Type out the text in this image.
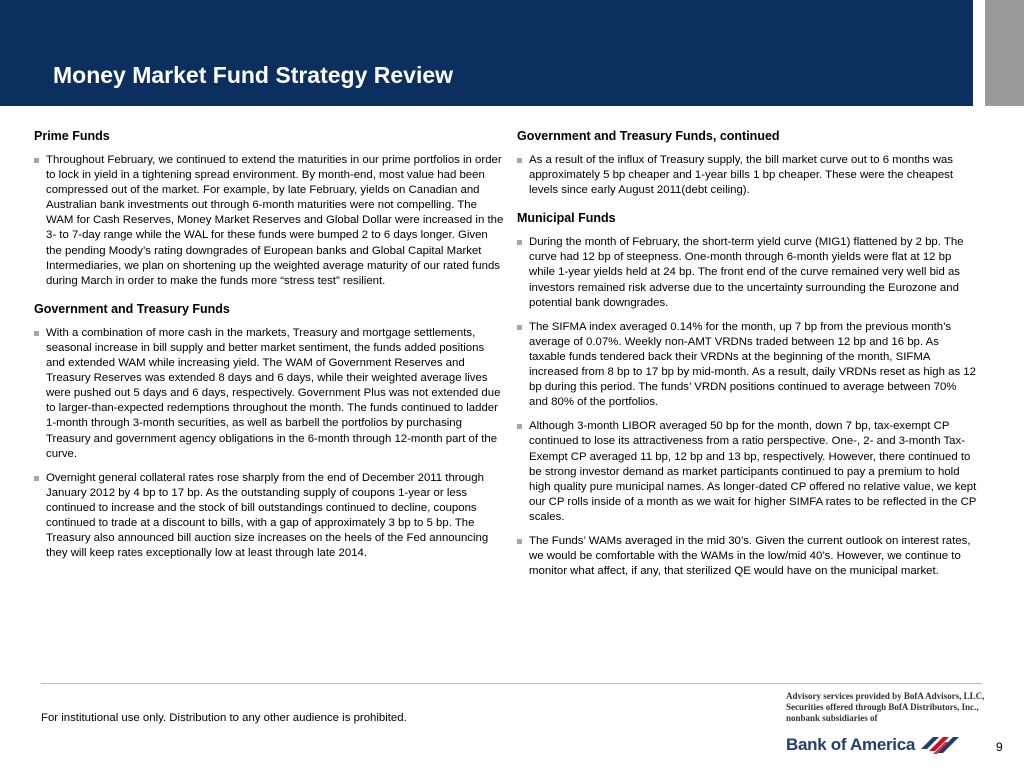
Money Market Fund Strategy Review
Prime Funds
Throughout February, we continued to extend the maturities in our prime portfolios in order to lock in yield in a tightening spread environment. By month-end, most value had been compressed out of the market. For example, by late February, yields on Canadian and Australian bank investments out through 6-month maturities were not compelling. The WAM for Cash Reserves, Money Market Reserves and Global Dollar were increased in the 3- to 7-day range while the WAL for these funds were bumped 2 to 6 days longer. Given the pending Moody’s rating downgrades of European banks and Global Capital Market Intermediaries, we plan on shortening up the weighted average maturity of our rated funds during March in order to make the funds more “stress test” resilient.
Government and Treasury Funds
With a combination of more cash in the markets, Treasury and mortgage settlements, seasonal increase in bill supply and better market sentiment, the funds added positions and extended WAM while increasing yield. The WAM of Government Reserves and Treasury Reserves was extended 8 days and 6 days, while their weighted average lives were pushed out 5 days and 6 days, respectively. Government Plus was not extended due to larger-than-expected redemptions throughout the month. The funds continued to ladder 1-month through 3-month securities, as well as barbell the portfolios by purchasing Treasury and government agency obligations in the 6-month through 12-month part of the curve.
Overnight general collateral rates rose sharply from the end of December 2011 through January 2012 by 4 bp to 17 bp. As the outstanding supply of coupons 1-year or less continued to increase and the stock of bill outstandings continued to decline, coupons continued to trade at a discount to bills, with a gap of approximately 3 bp to 5 bp. The Treasury also announced bill auction size increases on the heels of the Fed announcing they will keep rates exceptionally low at least through late 2014.
Government and Treasury Funds, continued
As a result of the influx of Treasury supply, the bill market curve out to 6 months was approximately 5 bp cheaper and 1-year bills 1 bp cheaper. These were the cheapest levels since early August 2011(debt ceiling).
Municipal Funds
During the month of February, the short-term yield curve (MIG1) flattened by 2 bp. The curve had 12 bp of steepness. One-month through 6-month yields were flat at 12 bp while 1-year yields held at 24 bp. The front end of the curve remained very well bid as investors remained risk adverse due to the uncertainty surrounding the Eurozone and potential bank downgrades.
The SIFMA index averaged 0.14% for the month, up 7 bp from the previous month’s average of 0.07%. Weekly non-AMT VRDNs traded between 12 bp and 16 bp. As taxable funds tendered back their VRDNs at the beginning of the month, SIFMA increased from 8 bp to 17 bp by mid-month. As a result, daily VRDNs reset as high as 12 bp during this period. The funds’ VRDN positions continued to average between 70% and 80% of the portfolios.
Although 3-month LIBOR averaged 50 bp for the month, down 7 bp, tax-exempt CP continued to lose its attractiveness from a ratio perspective. One-, 2- and 3-month Tax-Exempt CP averaged 11 bp, 12 bp and 13 bp, respectively. However, there continued to be strong investor demand as market participants continued to pay a premium to hold high quality pure municipal names. As longer-dated CP offered no relative value, we kept our CP rolls inside of a month as we wait for higher SIMFA rates to be reflected in the CP scales.
The Funds’ WAMs averaged in the mid 30’s. Given the current outlook on interest rates, we would be comfortable with the WAMs in the low/mid 40’s. However, we continue to monitor what affect, if any, that sterilized QE would have on the municipal market.
For institutional use only. Distribution to any other audience is prohibited.
Advisory services provided by BofA Advisors, LLC,
Securities offered through BofA Distributors, Inc.,
nonbank subsidiaries of
Bank of America	9
